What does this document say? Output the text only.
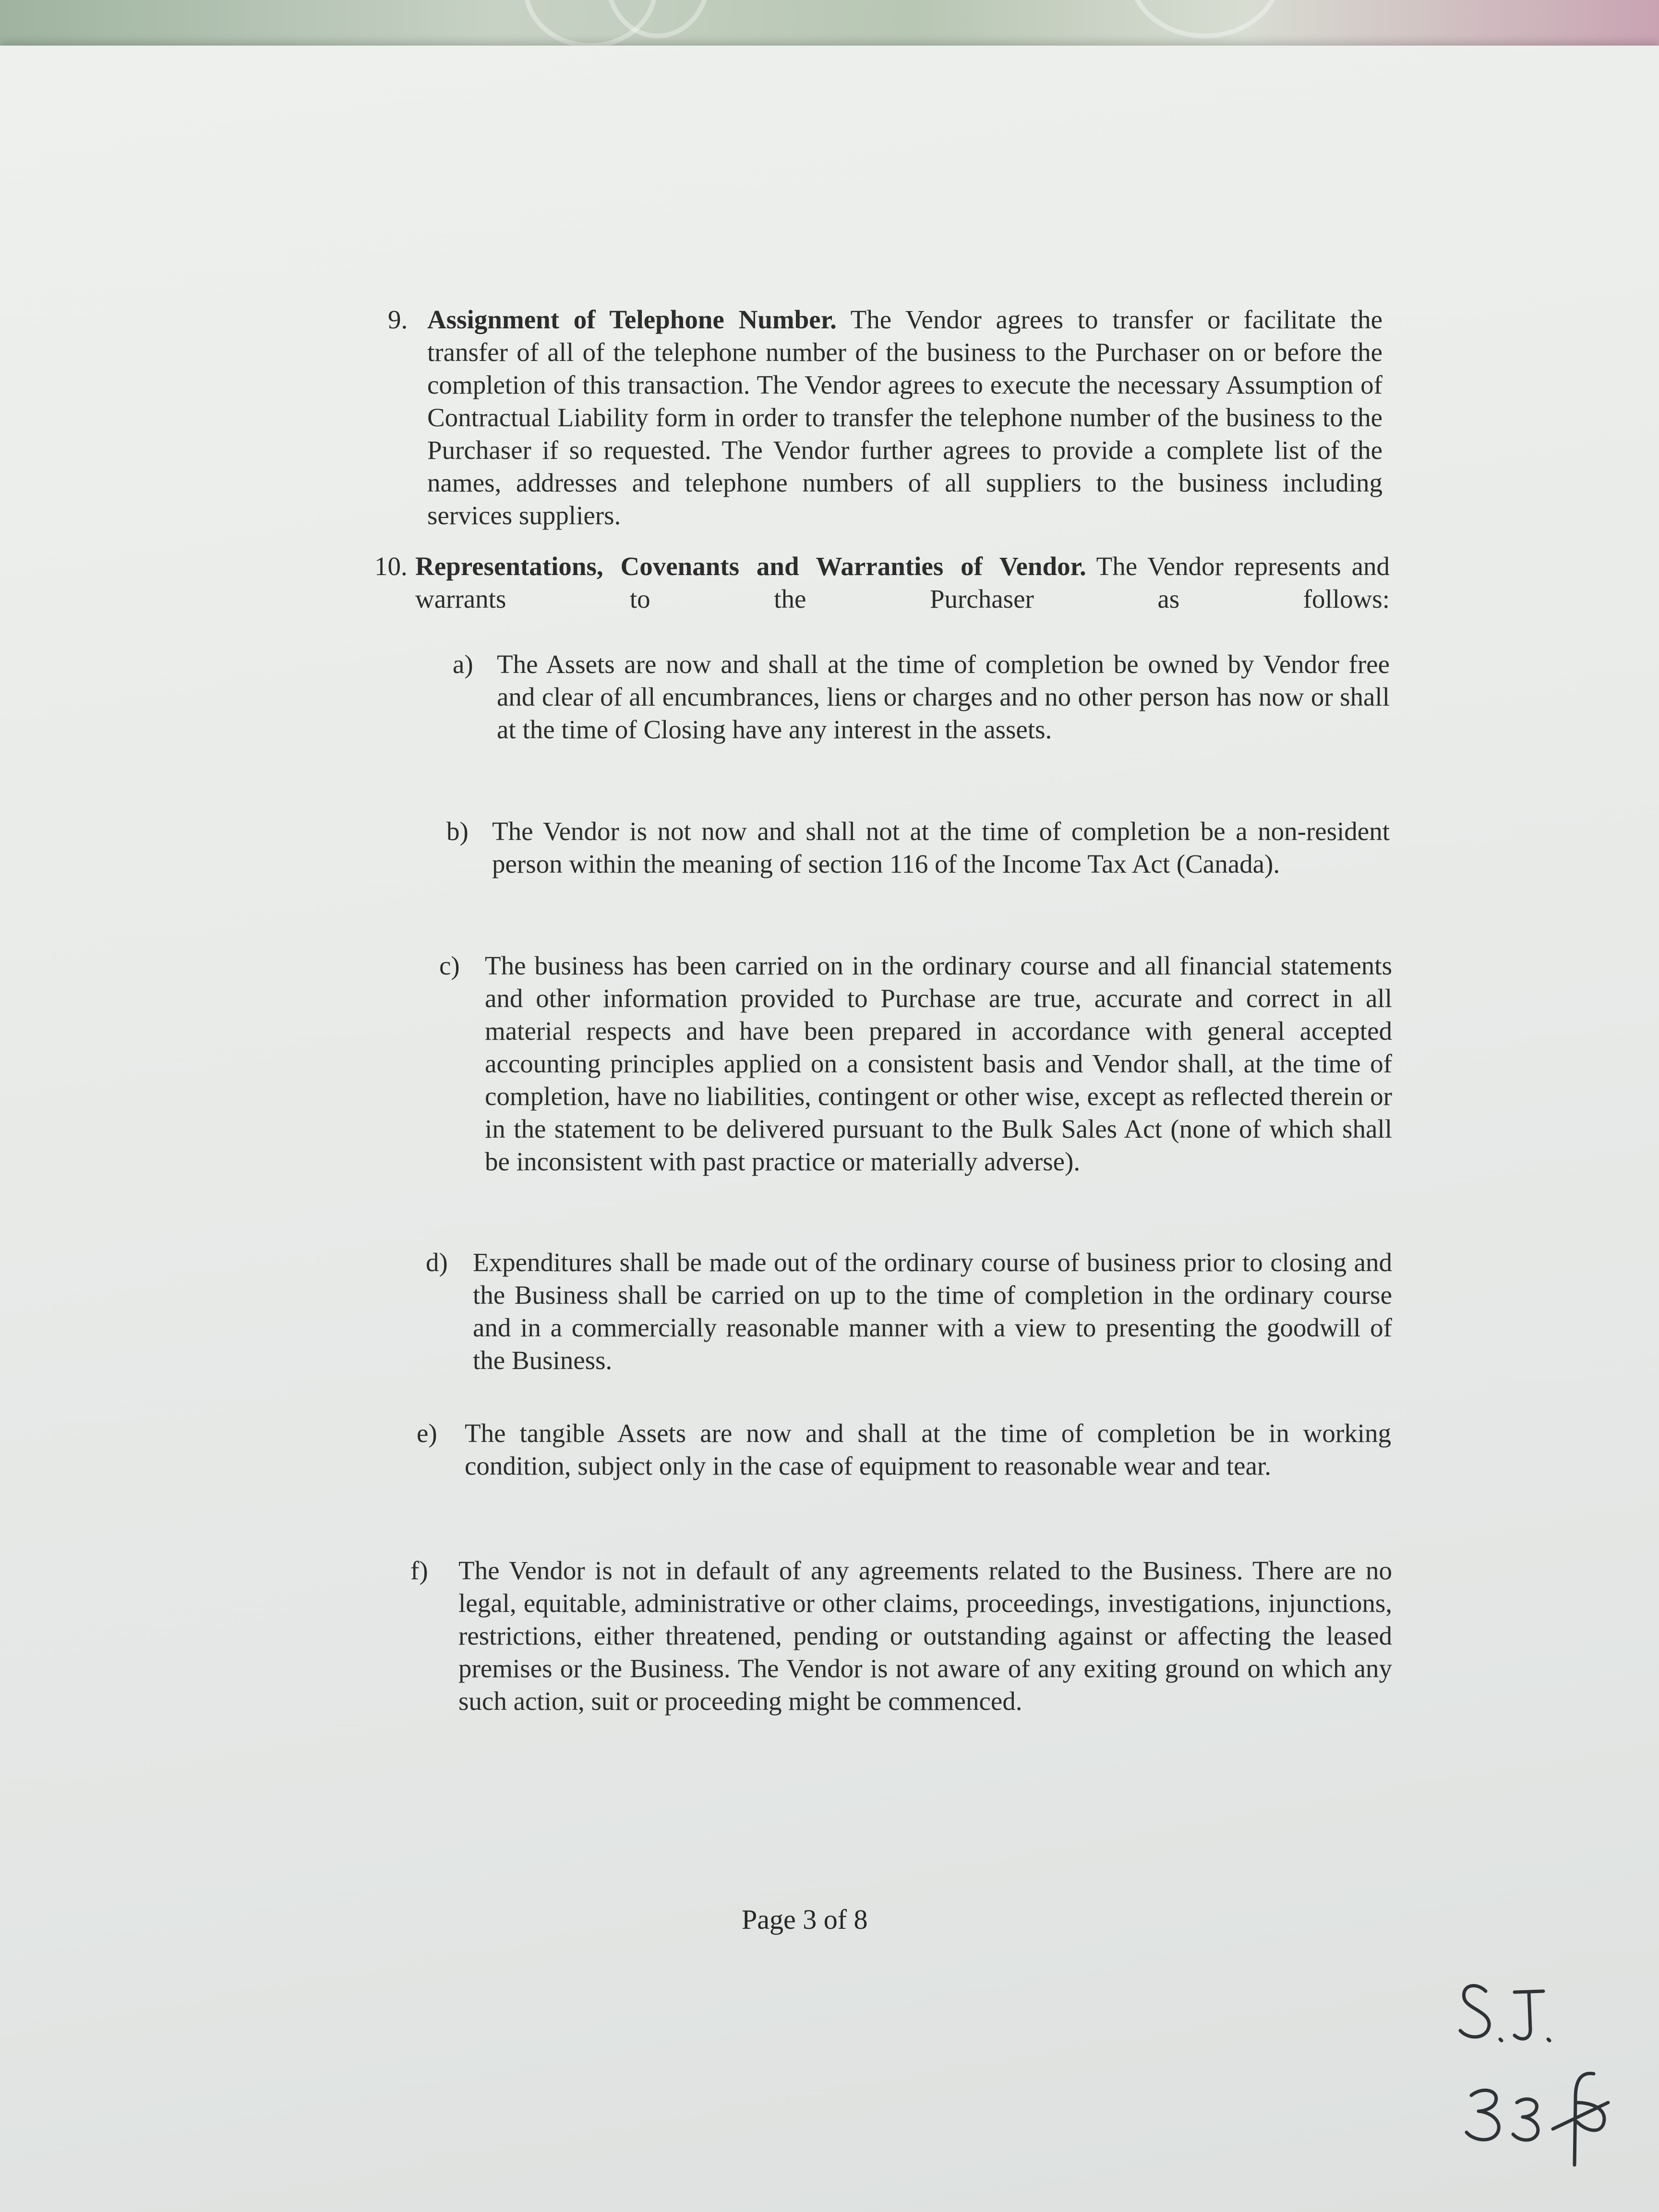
9. Assignment of Telephone Number. The Vendor agrees to transfer or facilitate the transfer of all of the telephone number of the business to the Purchaser on or before the completion of this transaction. The Vendor agrees to execute the necessary Assumption of Contractual Liability form in order to transfer the telephone number of the business to the Purchaser if so requested. The Vendor further agrees to provide a complete list of the names, addresses and telephone numbers of all suppliers to the business including services suppliers.

10. Representations, Covenants and Warranties of Vendor. The Vendor represents and warrants to the Purchaser as follows:

a) The Assets are now and shall at the time of completion be owned by Vendor free and clear of all encumbrances, liens or charges and no other person has now or shall at the time of Closing have any interest in the assets.

b) The Vendor is not now and shall not at the time of completion be a non-resident person within the meaning of section 116 of the Income Tax Act (Canada).

c) The business has been carried on in the ordinary course and all financial statements and other information provided to Purchase are true, accurate and correct in all material respects and have been prepared in accordance with general accepted accounting principles applied on a consistent basis and Vendor shall, at the time of completion, have no liabilities, contingent or other wise, except as reflected therein or in the statement to be delivered pursuant to the Bulk Sales Act (none of which shall be inconsistent with past practice or materially adverse).

d) Expenditures shall be made out of the ordinary course of business prior to closing and the Business shall be carried on up to the time of completion in the ordinary course and in a commercially reasonable manner with a view to presenting the goodwill of the Business.

e) The tangible Assets are now and shall at the time of completion be in working condition, subject only in the case of equipment to reasonable wear and tear.

f) The Vendor is not in default of any agreements related to the Business. There are no legal, equitable, administrative or other claims, proceedings, investigations, injunctions, restrictions, either threatened, pending or outstanding against or affecting the leased premises or the Business. The Vendor is not aware of any exiting ground on which any such action, suit or proceeding might be commenced.

Page 3 of 8
